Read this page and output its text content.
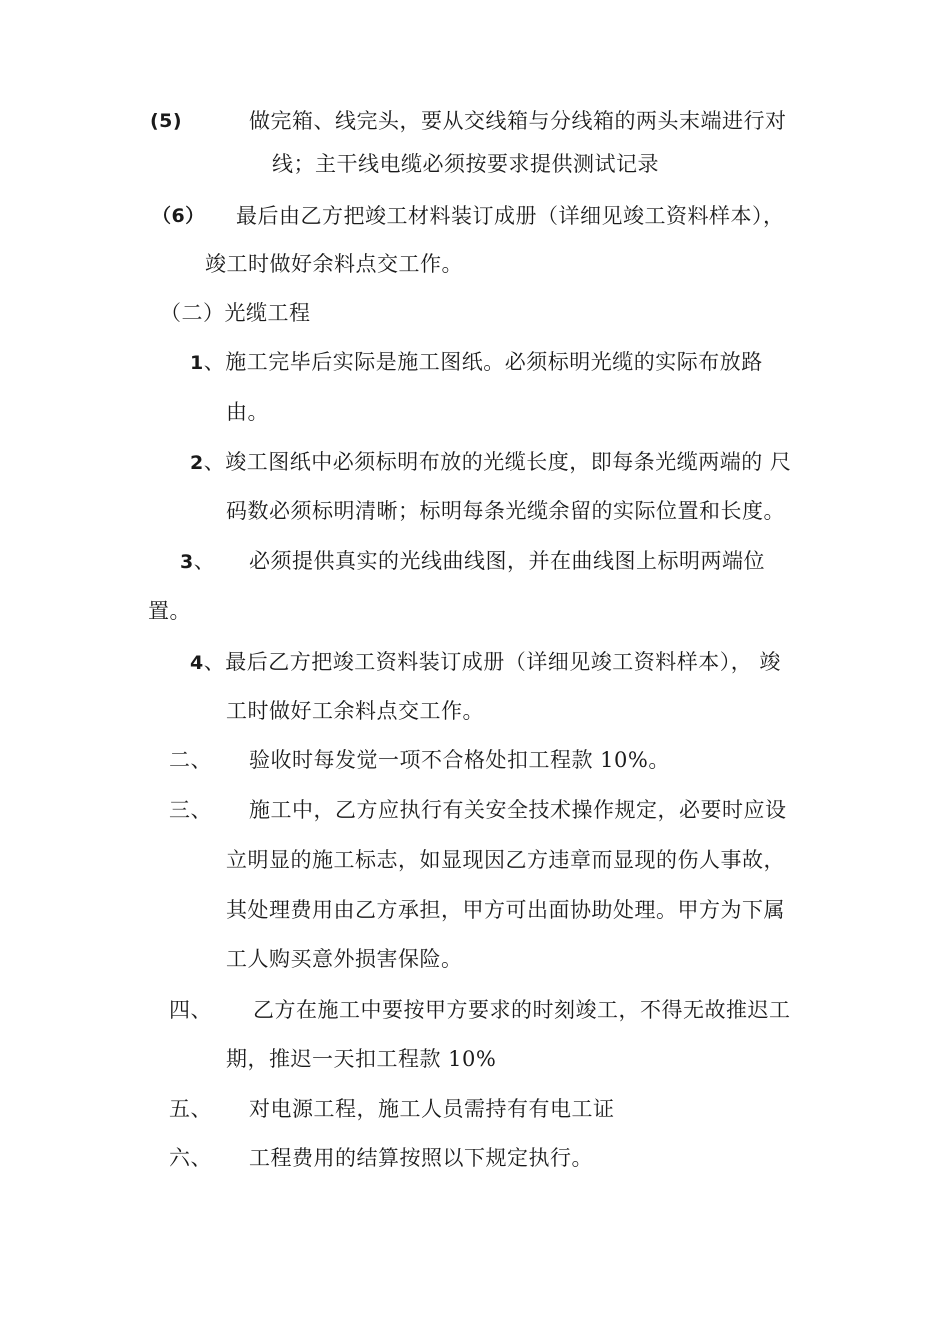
(5)	做完箱、线完头，要从交线箱与分线箱的两头末端进行对
线；主干线电缆必须按要求提供测试记录
（6） 最后由乙方把竣工材料装订成册（详细见竣工资料样本），
竣工时做好余料点交工作。
（二）光缆工程
1、施工完毕后实际是施工图纸。必须标明光缆的实际布放路
由。
2、竣工图纸中必须标明布放的光缆长度，即每条光缆两端的 尺
码数必须标明清晰；标明每条光缆余留的实际位置和长度。
3、 必须提供真实的光线曲线图，并在曲线图上标明两端位
置。
4、最后乙方把竣工资料装订成册（详细见竣工资料样本）， 竣
工时做好工余料点交工作。
二、 验收时每发觉一项不合格处扣工程款 10%。
三、 施工中，乙方应执行有关安全技术操作规定，必要时应设
立明显的施工标志，如显现因乙方违章而显现的伤人事故，
其处理费用由乙方承担，甲方可出面协助处理。甲方为下属
工人购买意外损害保险。
四、 乙方在施工中要按甲方要求的时刻竣工，不得无故推迟工
期，推迟一天扣工程款 10%
五、 对电源工程，施工人员需持有有电工证
六、 工程费用的结算按照以下规定执行。
